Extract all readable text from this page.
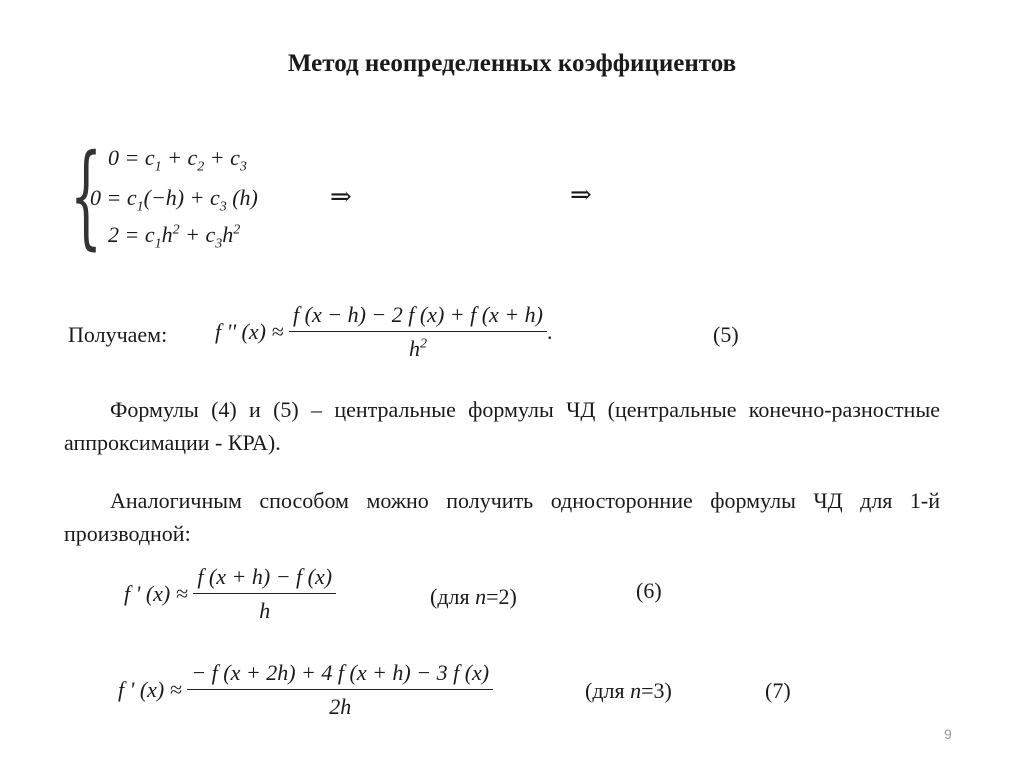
Метод неопределенных коэффициентов
{ $0 = c_1 + c_2 + c_3$
$0 = c_1(-h) + c_3$ (h)
$2 = c_1h^2 + c_3h^2$
⇒	⇒
Получаем: f '' $(x) \approx \frac{f (x - h) - 2 f (x) + f (x + h)}{h^2}$ .	(5)
Формулы (4) и (5) – центральные формулы ЧД (центральные конечно-разностные аппроксимации - КРА).
Аналогичным способом можно получить односторонние формулы ЧД для 1-й производной:
f ' $(x) \approx \frac{f (x + h) - f (x)}{h}$	(для n=2)	(6)
f ' $(x) \approx \frac{- f (x + 2h) + 4 f (x + h) - 3 f (x)}{2h}$	(для n=3)	(7)
9
